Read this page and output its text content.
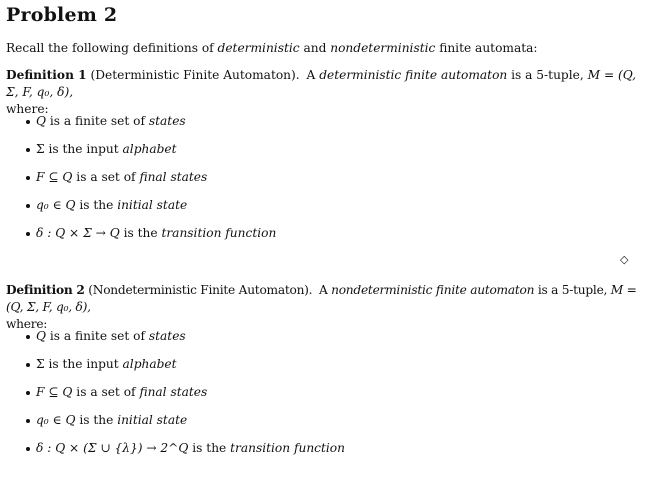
Problem 2
Recall the following definitions of deterministic and nondeterministic finite automata:
Definition 1 (Deterministic Finite Automaton). A deterministic finite automaton is a 5-tuple, M = (Q, Σ, F, q₀, δ),
where:
Q is a finite set of states
Σ is the input alphabet
F ⊆ Q is a set of final states
q₀ ∈ Q is the initial state
δ : Q × Σ → Q is the transition function
◇
Definition 2 (Nondeterministic Finite Automaton). A nondeterministic finite automaton is a 5-tuple, M = (Q, Σ, F, q₀, δ),
where:
Q is a finite set of states
Σ is the input alphabet
F ⊆ Q is a set of final states
q₀ ∈ Q is the initial state
δ : Q × (Σ ∪ {λ}) → 2^Q is the transition function
